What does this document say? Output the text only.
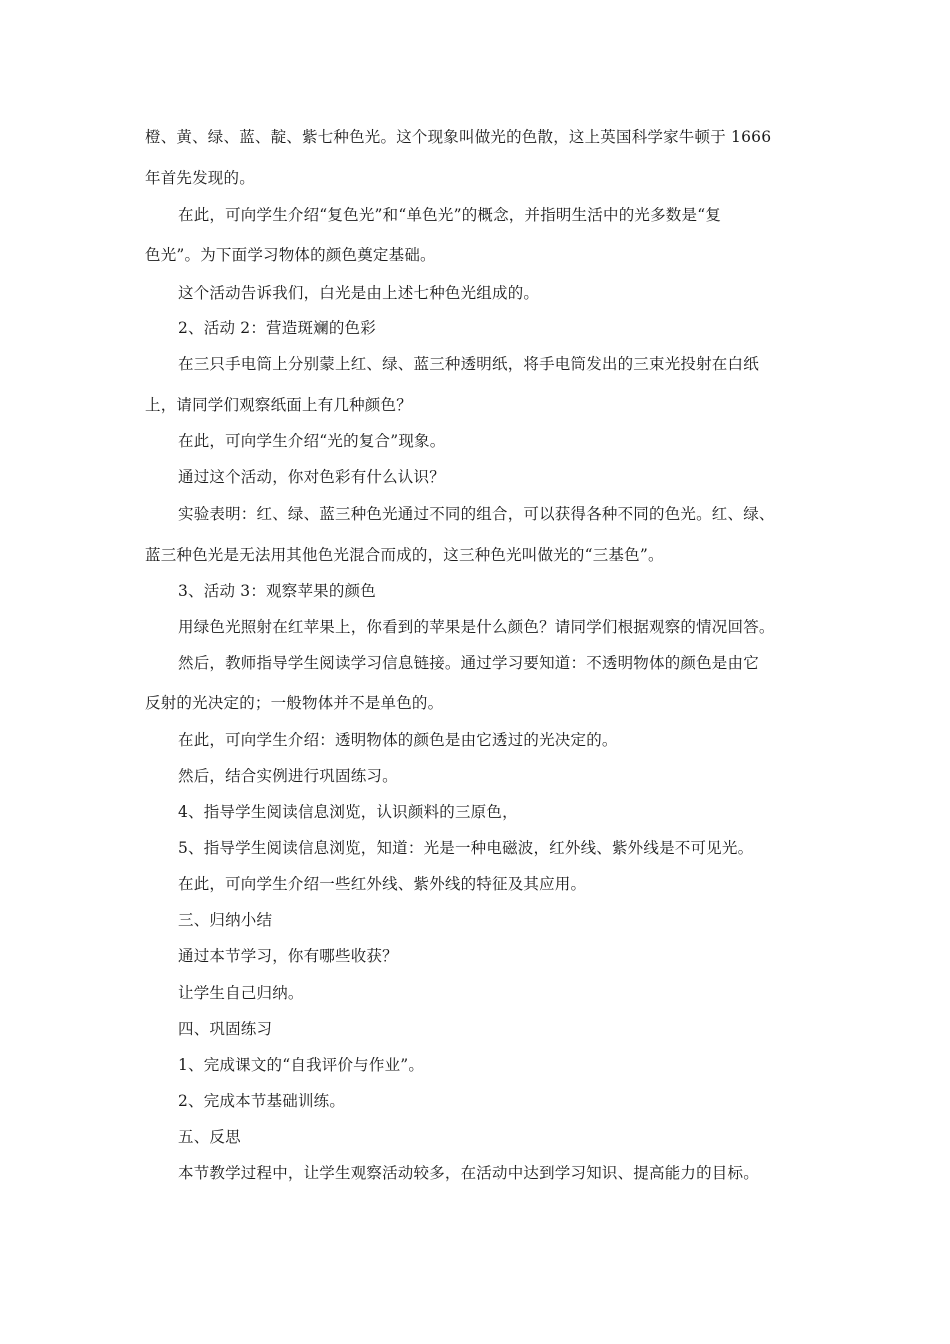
橙、黄、绿、蓝、靛、紫七种色光。这个现象叫做光的色散，这上英国科学家牛顿于 1666
年首先发现的。
在此，可向学生介绍“复色光”和“单色光”的概念，并指明生活中的光多数是“复
色光”。为下面学习物体的颜色奠定基础。
这个活动告诉我们，白光是由上述七种色光组成的。
2、活动 2：营造斑斓的色彩
在三只手电筒上分别蒙上红、绿、蓝三种透明纸，将手电筒发出的三束光投射在白纸
上，请同学们观察纸面上有几种颜色？
在此，可向学生介绍“光的复合”现象。
通过这个活动，你对色彩有什么认识？
实验表明：红、绿、蓝三种色光通过不同的组合，可以获得各种不同的色光。红、绿、
蓝三种色光是无法用其他色光混合而成的，这三种色光叫做光的“三基色”。
3、活动 3：观察苹果的颜色
用绿色光照射在红苹果上，你看到的苹果是什么颜色？请同学们根据观察的情况回答。
然后，教师指导学生阅读学习信息链接。通过学习要知道：不透明物体的颜色是由它
反射的光决定的；一般物体并不是单色的。
在此，可向学生介绍：透明物体的颜色是由它透过的光决定的。
然后，结合实例进行巩固练习。
4、指导学生阅读信息浏览，认识颜料的三原色，
5、指导学生阅读信息浏览，知道：光是一种电磁波，红外线、紫外线是不可见光。
在此，可向学生介绍一些红外线、紫外线的特征及其应用。
三、归纳小结
通过本节学习，你有哪些收获？
让学生自己归纳。
四、巩固练习
1、完成课文的“自我评价与作业”。
2、完成本节基础训练。
五、反思
本节教学过程中，让学生观察活动较多，在活动中达到学习知识、提高能力的目标。
